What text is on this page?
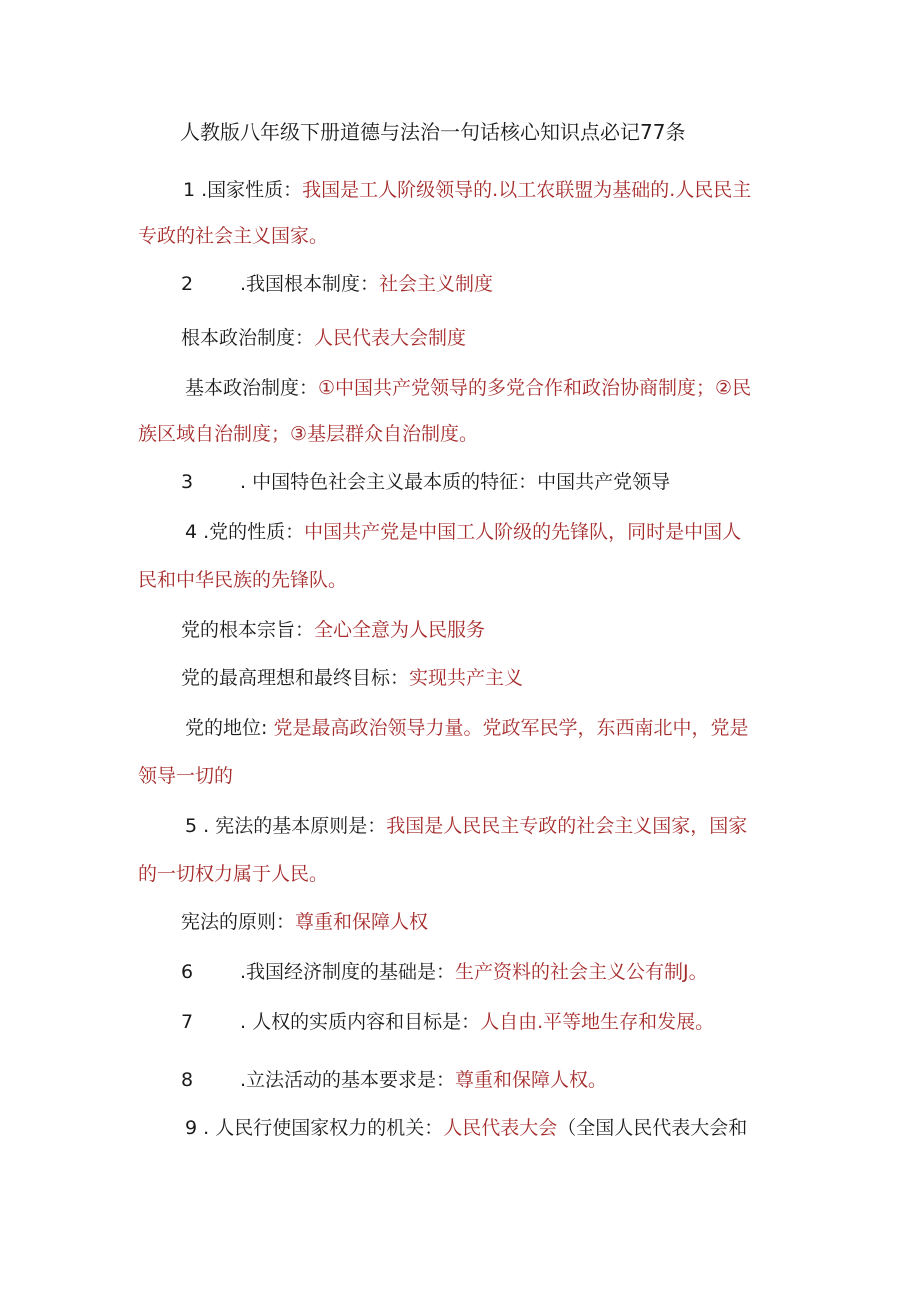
人教版八年级下册道德与法治一句话核心知识点必记77条
1 .国家性质：我国是工人阶级领导的.以工农联盟为基础的.人民民主
专政的社会主义国家。
2 .我国根本制度：社会主义制度
根本政治制度：人民代表大会制度
基本政治制度：①中国共产党领导的多党合作和政治协商制度；②民
族区域自治制度；③基层群众自治制度。
3 . 中国特色社会主义最本质的特征：中国共产党领导
4 .党的性质：中国共产党是中国工人阶级的先锋队，同时是中国人
民和中华民族的先锋队。
党的根本宗旨：全心全意为人民服务
党的最高理想和最终目标：实现共产主义
党的地位: 党是最高政治领导力量。党政军民学，东西南北中，党是
领导一切的
5 . 宪法的基本原则是：我国是人民民主专政的社会主义国家，国家
的一切权力属于人民。
宪法的原则：尊重和保障人权
6 .我国经济制度的基础是：生产资料的社会主义公有制J。
7 . 人权的实质内容和目标是：人自由.平等地生存和发展。
8 .立法活动的基本要求是：尊重和保障人权。
9 . 人民行使国家权力的机关：人民代表大会（全国人民代表大会和
